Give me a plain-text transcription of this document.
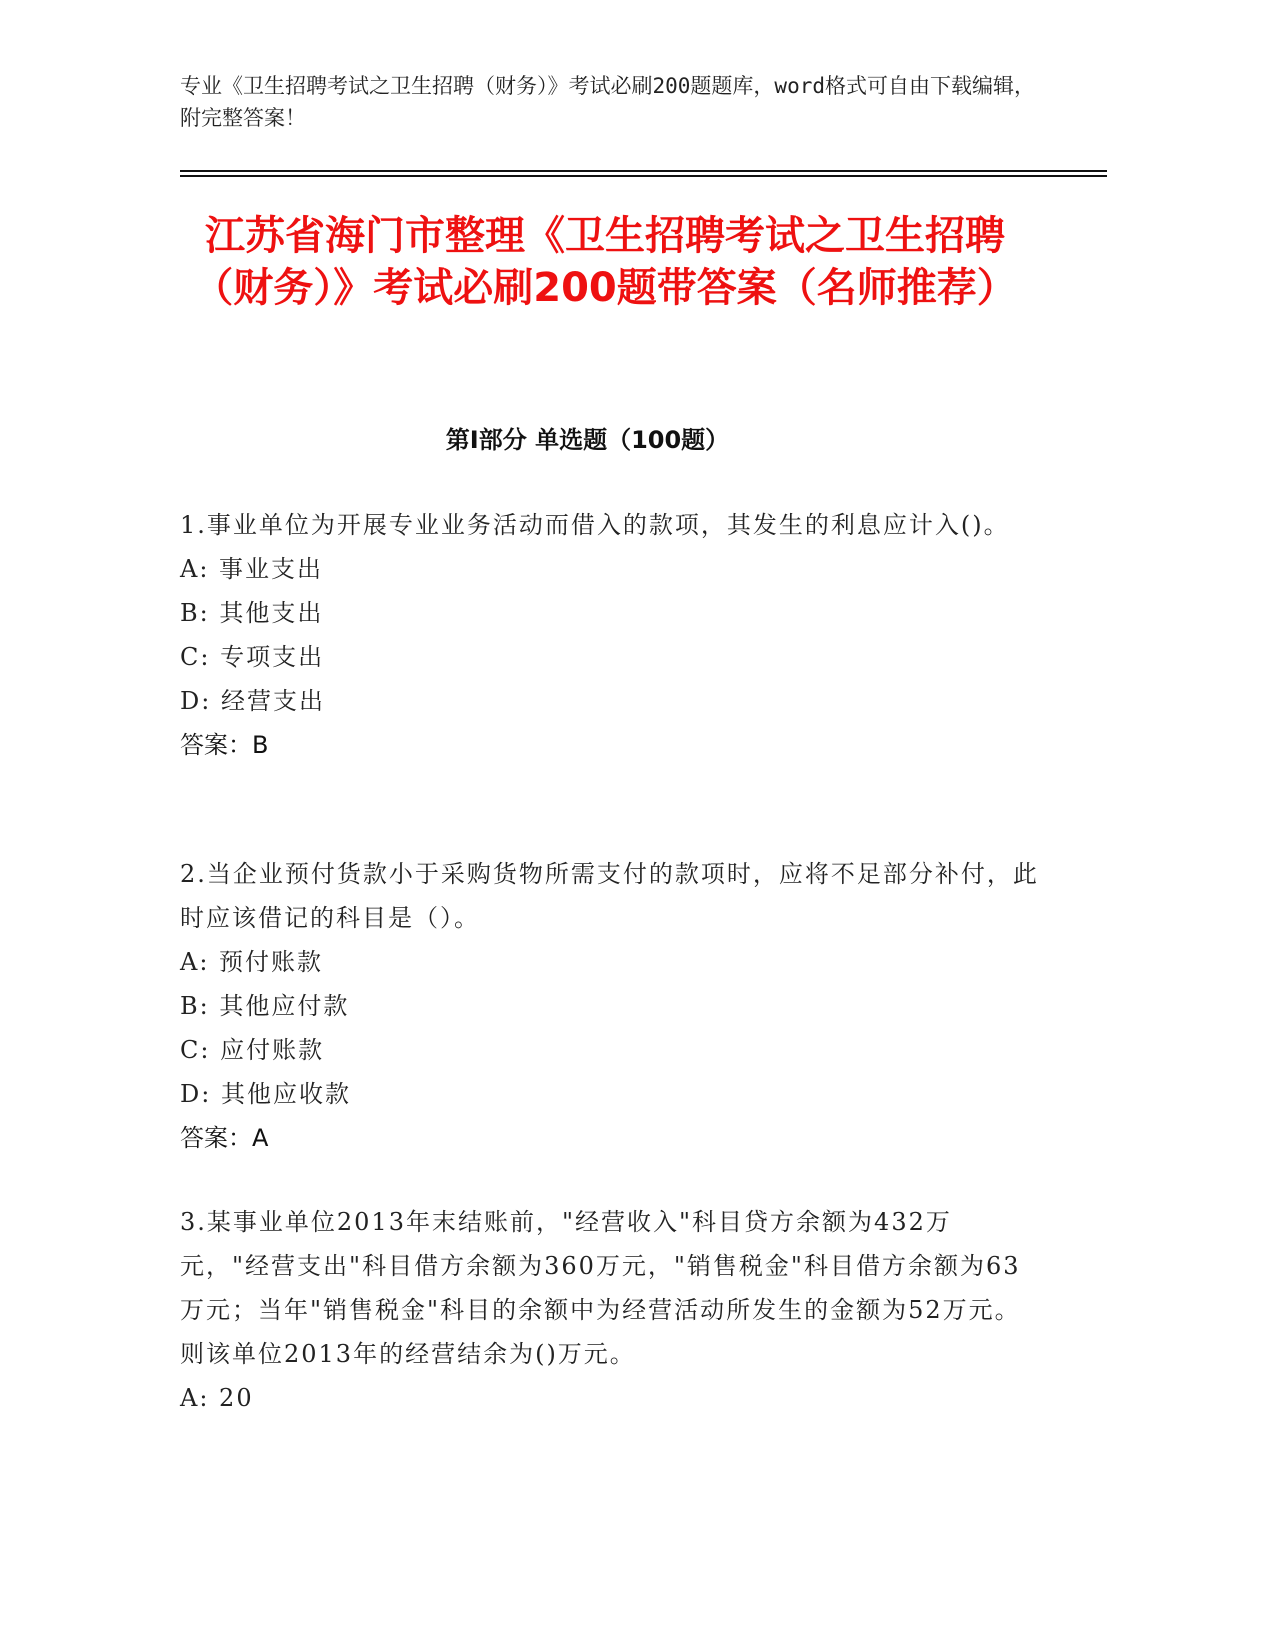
专业《卫生招聘考试之卫生招聘（财务）》考试必刷200题题库，word格式可自由下载编辑，附完整答案！
江苏省海门市整理《卫生招聘考试之卫生招聘（财务）》考试必刷200题带答案（名师推荐）
第I部分 单选题（100题）

1.事业单位为开展专业业务活动而借入的款项，其发生的利息应计入()。

A: 事业支出
B: 其他支出
C: 专项支出
D: 经营支出

答案：B

2.当企业预付货款小于采购货物所需支付的款项时，应将不足部分补付，此时应该借记的科目是（）。

A: 预付账款
B: 其他应付款
C: 应付账款
D: 其他应收款

答案：A

3.某事业单位2013年末结账前，"经营收入"科目贷方余额为432万元，"经营支出"科目借方余额为360万元，"销售税金"科目借方余额为63万元；当年"销售税金"科目的余额中为经营活动所发生的金额为52万元。则该单位2013年的经营结余为()万元。

A: 20
